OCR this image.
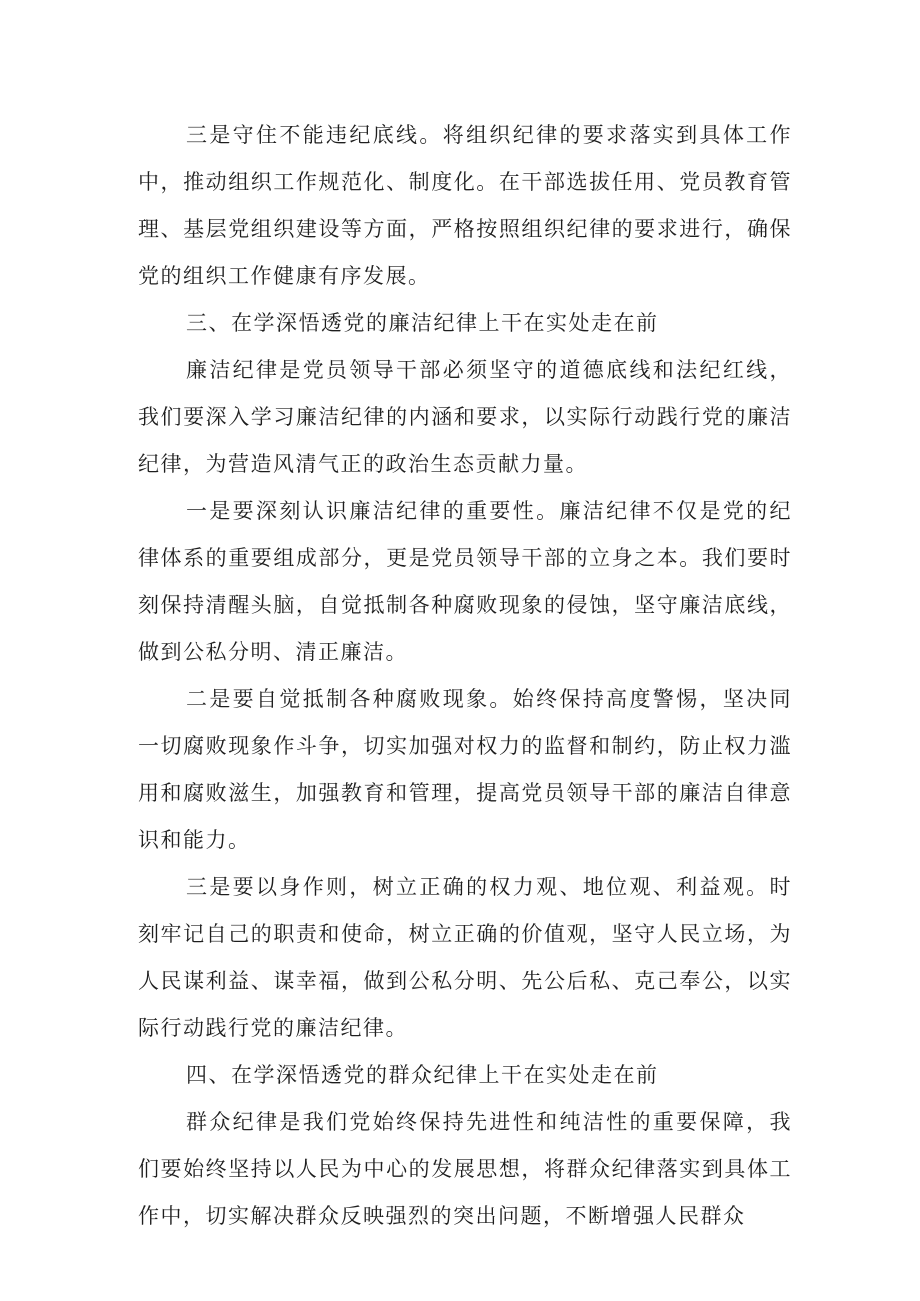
三是守住不能违纪底线。将组织纪律的要求落实到具体工作中，推动组织工作规范化、制度化。在干部选拔任用、党员教育管理、基层党组织建设等方面，严格按照组织纪律的要求进行，确保党的组织工作健康有序发展。

三、在学深悟透党的廉洁纪律上干在实处走在前

廉洁纪律是党员领导干部必须坚守的道德底线和法纪红线，我们要深入学习廉洁纪律的内涵和要求，以实际行动践行党的廉洁纪律，为营造风清气正的政治生态贡献力量。

一是要深刻认识廉洁纪律的重要性。廉洁纪律不仅是党的纪律体系的重要组成部分，更是党员领导干部的立身之本。我们要时刻保持清醒头脑，自觉抵制各种腐败现象的侵蚀，坚守廉洁底线，做到公私分明、清正廉洁。

二是要自觉抵制各种腐败现象。始终保持高度警惕，坚决同一切腐败现象作斗争，切实加强对权力的监督和制约，防止权力滥用和腐败滋生，加强教育和管理，提高党员领导干部的廉洁自律意识和能力。

三是要以身作则，树立正确的权力观、地位观、利益观。时刻牢记自己的职责和使命，树立正确的价值观，坚守人民立场，为人民谋利益、谋幸福，做到公私分明、先公后私、克己奉公，以实际行动践行党的廉洁纪律。

四、在学深悟透党的群众纪律上干在实处走在前

群众纪律是我们党始终保持先进性和纯洁性的重要保障，我们要始终坚持以人民为中心的发展思想，将群众纪律落实到具体工作中，切实解决群众反映强烈的突出问题，不断增强人民群众
